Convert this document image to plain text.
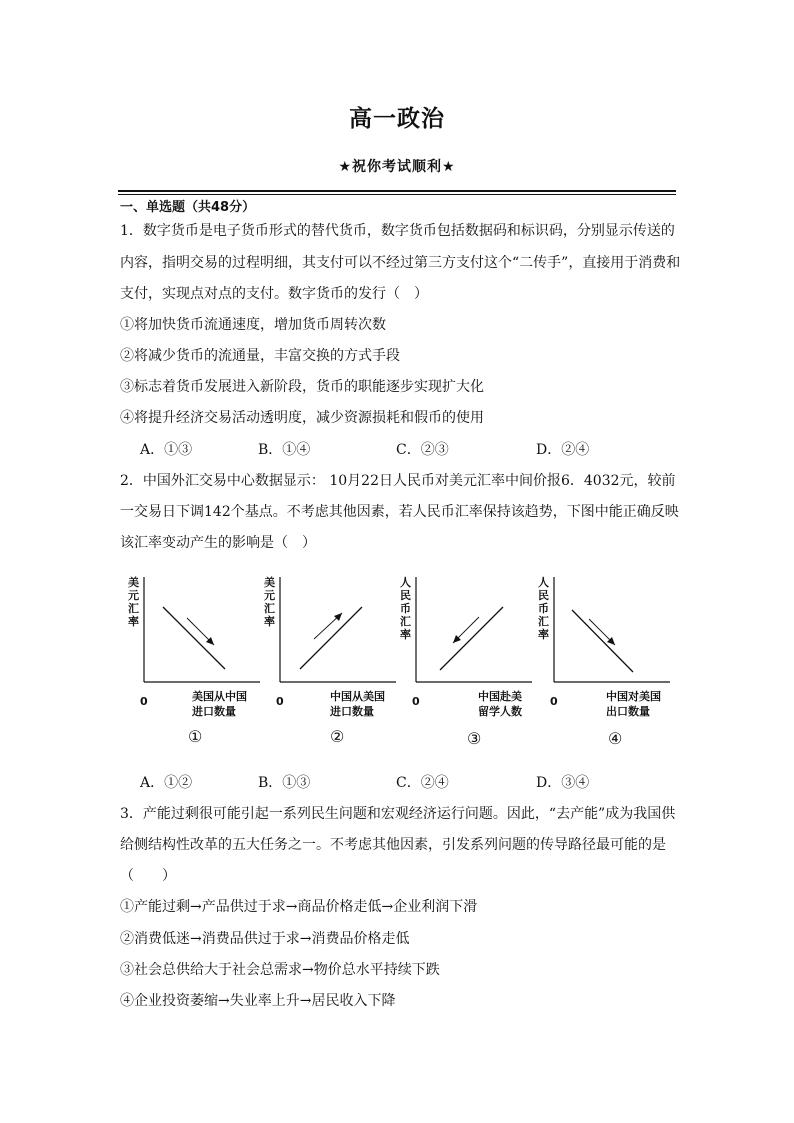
高一政治
★祝你考试顺利★
一、单选题（共48分）
1．数字货币是电子货币形式的替代货币，数字货币包括数据码和标识码，分别显示传送的
内容，指明交易的过程明细，其支付可以不经过第三方支付这个“二传手”，直接用于消费和
支付，实现点对点的支付。数字货币的发行（　）
①将加快货币流通速度，增加货币周转次数
②将减少货币的流通量，丰富交换的方式手段
③标志着货币发展进入新阶段，货币的职能逐步实现扩大化
④将提升经济交易活动透明度，减少资源损耗和假币的使用
A．①③	B．①④	C．②③	D．②④
2．中国外汇交易中心数据显示： 10月22日人民币对美元汇率中间价报6．4032元，较前
一交易日下调142个基点。不考虑其他因素，若人民币汇率保持该趋势，下图中能正确反映
该汇率变动产生的影响是（　）
美
元
汇
率
0	美国从中国
进口数量
①
美
元
汇
率
0	中国从美国
进口数量
②
人
民
币
汇
率
0	中国赴美
留学人数
③
人
民
币
汇
率
0	中国对美国
出口数量
④
A．①②	B．①③	C．②④	D．③④
3．产能过剩很可能引起一系列民生问题和宏观经济运行问题。因此，“去产能”成为我国供
给侧结构性改革的五大任务之一。不考虑其他因素，引发系列问题的传导路径最可能的是
（　　）
①产能过剩→产品供过于求→商品价格走低→企业利润下滑
②消费低迷→消费品供过于求→消费品价格走低
③社会总供给大于社会总需求→物价总水平持续下跌
④企业投资萎缩→失业率上升→居民收入下降
